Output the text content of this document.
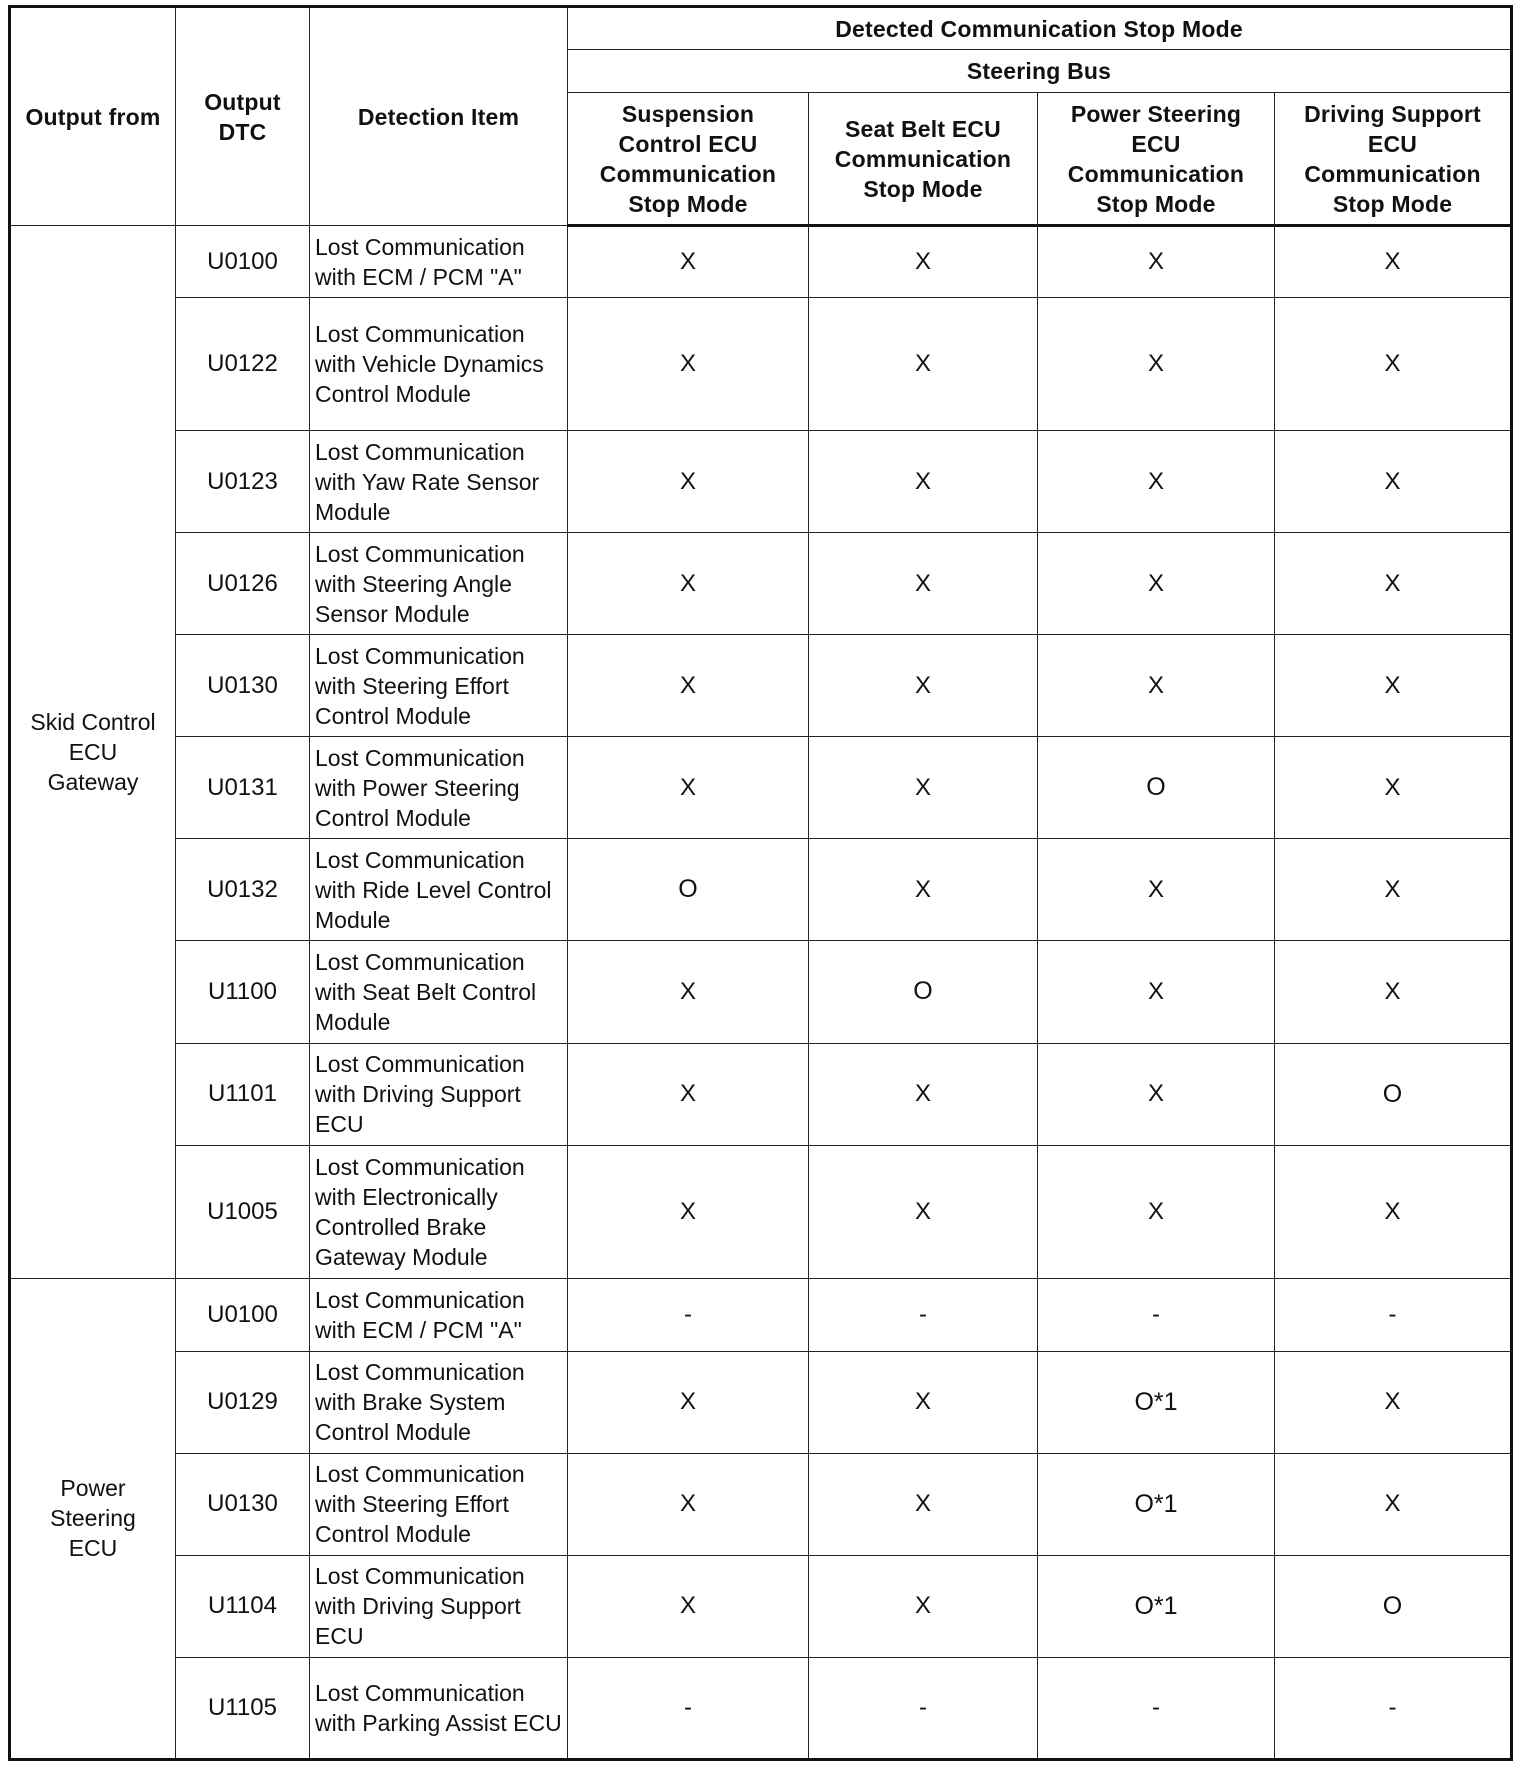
Output from	Output DTC	Detection Item	Detected Communication Stop Mode			
			Steering Bus			

			Suspension Control ECU Communication Stop Mode	Seat Belt ECU Communication Stop Mode	Power Steering ECU Communication Stop Mode	Driving Support ECU Communication Stop Mode

Skid Control ECU Gateway	U0100	Lost Communication with ECM / PCM "A"	X	X	X	X
	U0122	Lost Communication with Vehicle Dynamics Control Module	X	X	X	X
	U0123	Lost Communication with Yaw Rate Sensor Module	X	X	X	X
	U0126	Lost Communication with Steering Angle Sensor Module	X	X	X	X
	U0130	Lost Communication with Steering Effort Control Module	X	X	X	X
	U0131	Lost Communication with Power Steering Control Module	X	X	O	X
	U0132	Lost Communication with Ride Level Control Module	O	X	X	X
	U1100	Lost Communication with Seat Belt Control Module	X	O	X	X
	U1101	Lost Communication with Driving Support ECU	X	X	X	O
	U1005	Lost Communication with Electronically Controlled Brake Gateway Module	X	X	X	X

Power Steering ECU	U0100	Lost Communication with ECM / PCM "A"	-	-	-	-
	U0129	Lost Communication with Brake System Control Module	X	X	O*1	X
	U0130	Lost Communication with Steering Effort Control Module	X	X	O*1	X
	U1104	Lost Communication with Driving Support ECU	X	X	O*1	O
	U1105	Lost Communication with Parking Assist ECU	-	-	-	-
